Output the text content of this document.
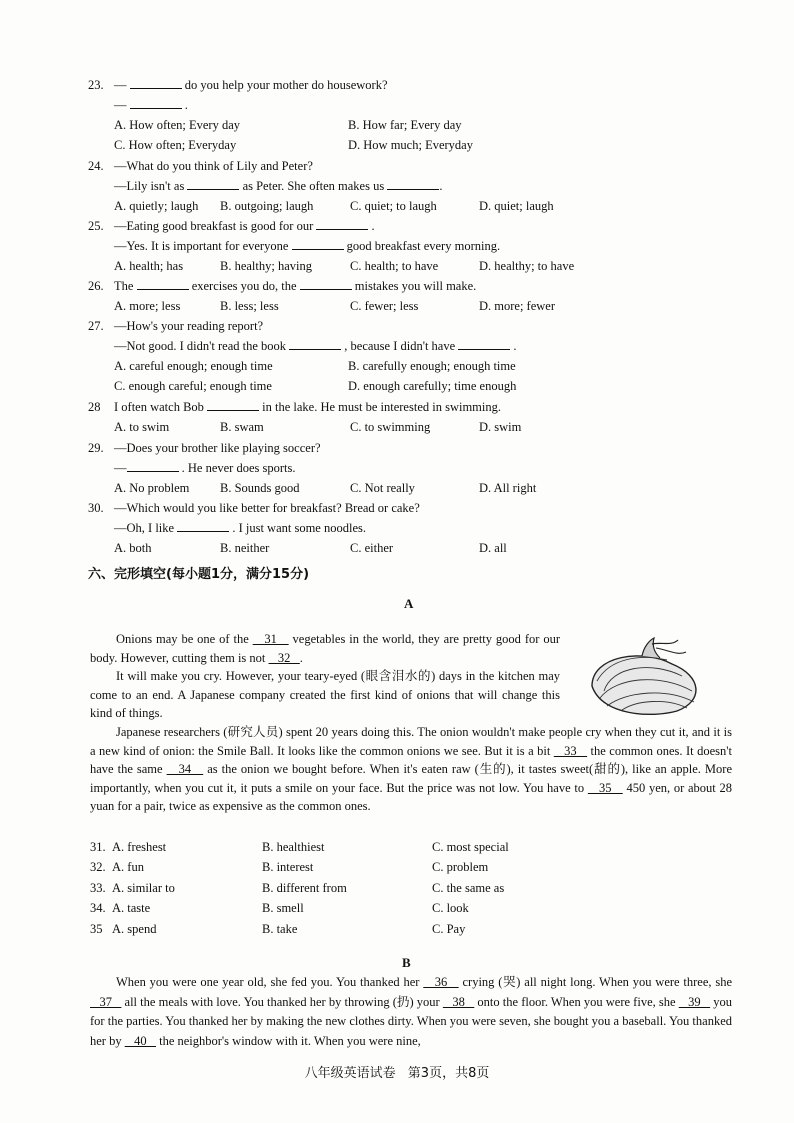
23. —	do you help your mother do housework?
—	.
A. How often; Every day	B. How far; Every day
C. How often; Everyday	D. How much; Everyday
24. —What do you think of Lily and Peter?
—Lily isn't as	as Peter. She often makes us	.
A. quietly; laugh B. outgoing; laugh	C. quiet; to laugh	D. quiet; laugh
25. —Eating good breakfast is good for our	.
—Yes. It is important for everyone	good breakfast every morning.
A. health; has	B. healthy; having	C. health; to have	D. healthy; to have
26. The	exercises you do, the	mistakes you will make.
A. more; less	B. less; less	C. fewer; less	D. more; fewer
27. —How's your reading report?
—Not good. I didn't read the book	, because I didn't have	.
A. careful enough; enough time	B. carefully enough; enough time
C. enough careful; enough time	D. enough carefully; time enough
28 I often watch Bob	in the lake. He must be interested in swimming.
A. to swim	B. swam	C. to swimming	D. swim
29. —Does your brother like playing soccer?
—	. He never does sports.
A. No problem B. Sounds good	C. Not really	D. All right
30. —Which would you like better for breakfast? Bread or cake?
—Oh, I like	. I just want some noodles.
A. both	B. neither	C. either	D. all
六、完形填空(每小题1分，满分15分)
A

Onions may be one of the    31    vegetables in the world, they are pretty good for our body. However, cutting them is not    32   .

It will make you cry. However, your teary-eyed (眼含泪水的) days in the kitchen may come to an end. A Japanese company created the first kind of onions that will change this kind of things.

Japanese researchers (研究人员) spent 20 years doing this. The onion wouldn't make people cry when they cut it, and it is a new kind of onion: the Smile Ball. It looks like the common onions we see. But it is a bit    33    the common ones. It doesn't have the same    34    as the onion we bought before. When it's eaten raw (生的), it tastes sweet(甜的), like an apple. More importantly, when you cut it, it puts a smile on your face. But the price was not low. You have to    35    450 yen, or about 28 yuan for a pair, twice as expensive as the common ones.

31. A. freshest	B. healthiest	C. most special
32. A. fun	B. interest	C. problem
33. A. similar to	B. different from	C. the same as
34. A. taste	B. smell	C. look
35 A. spend	B. take	C. Pay
B

When you were one year old, she fed you. You thanked her    36    crying (哭) all night long. When you were three, she    37    all the meals with love. You thanked her by throwing (扔) your    38    onto the floor. When you were five, she    39    you for the parties. You thanked her by making the new clothes dirty. When you were seven, she bought you a baseball. You thanked her by    40    the neighbor's window with it. When you were nine,

八年级英语试卷 第3页，共8页
